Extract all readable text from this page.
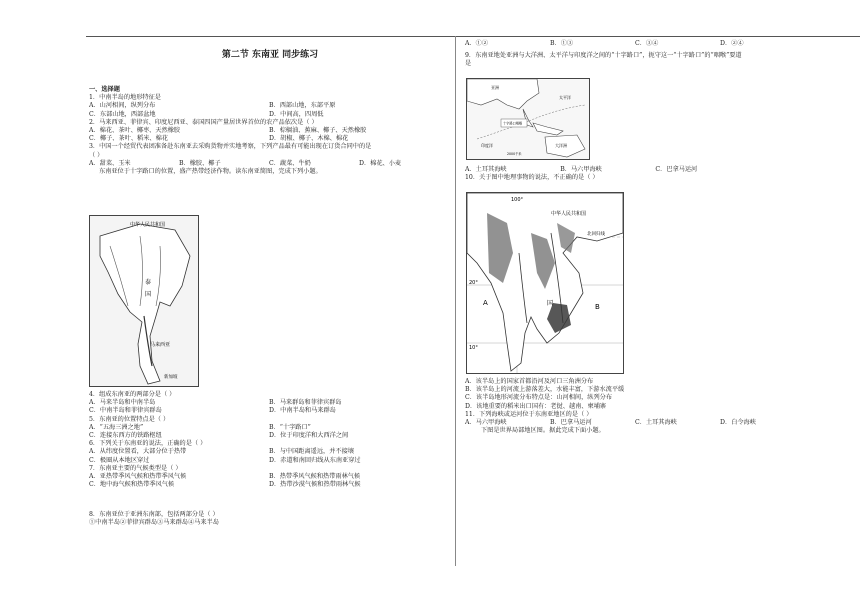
第二节 东南亚 同步练习
一、选择题
1．中南半岛的地形特征是
A．山河相间，纵列分布	B．西部山地，东部平原
C．东部山地，西部盆地	D．中间高，四周低
2．马来西亚、菲律宾、印度尼西亚、泰国四国产量居世界首位的农产品依次是（ ）
A．棉花、茶叶、椰枣、天然橡胶	B．棕榈油、蕉麻、椰子、天然橡胶
C．椰子、茶叶、稻米、棉花	D．胡椒、椰子、木棉、棉花
3．中国一个经贸代表团准备赴东南亚去采购货物并实地考察，下列产品最有可能出现在订货合同中的是
（ ）
A．甜菜、玉米	B．橡胶、椰子	C．蔬菜、牛奶	D．棉花、小麦
东南亚位于十字路口的位置，盛产热带经济作物。读东南亚简图，完成下列小题。
中华人民共和国
泰
国
马来西亚
新加坡
4．组成东南亚的两部分是（ ）
A．马来半岛和中南半岛	B．马来群岛和菲律宾群岛
C．中南半岛和菲律宾群岛	D．中南半岛和马来群岛
5．东南亚的位置特点是（ ）
A．“五海三洲之地”	B．“十字路口”
C．连接东西方的铁路枢纽	D．位于印度洋和大西洋之间
6．下列关于东南亚的说法，正确的是（ ）
A．从纬度位置看，大部分位于热带	B．与中国距离遥远，并不接壤
C．极圈从本地区穿过	D．赤道和南回归线从东南亚穿过
7．东南亚主要的气候类型是（ ）
A．亚热带季风气候和热带季风气候	B．热带季风气候和热带雨林气候
C．地中海气候和热带季风气候	D．热带沙漠气候和热带雨林气候
8．东南亚位于亚洲东南部，包括两部分是（ ）
①中南半岛②菲律宾群岛③马来群岛④马来半岛
A．①②	B．①③	C．③④	D．②④
9．东南亚地处亚洲与大洋洲、太平洋与印度洋之间的“十字路口”，扼守这一“十字路口”的“咽喉”要道
是
十字路口咽喉
亚洲
太平洋
印度洋	大洋洲
2000千米
A．土耳其海峡	B．马六甲海峡	C．巴拿马运河
10．关于图中地理事物的说法，不正确的是（ ）
100°
中华人民共和国
北回归线
20°
A	B
国
10°
A．该半岛上的国家首都沿河及河口三角洲分布
B．该半岛上的河流上游落差大，水能丰富，下游水流平缓
C．该半岛地形河流分布特点是：山河相间，纵列分布
D．该地重要的稻米出口国有：老挝、越南、柬埔寨
11．下列海峡或运河位于东南亚地区的是（ ）
A．马六甲海峡	B．巴拿马运河	C．土耳其海峡	D．白令海峡
下图是世界局部地区图。据此完成下面小题。
